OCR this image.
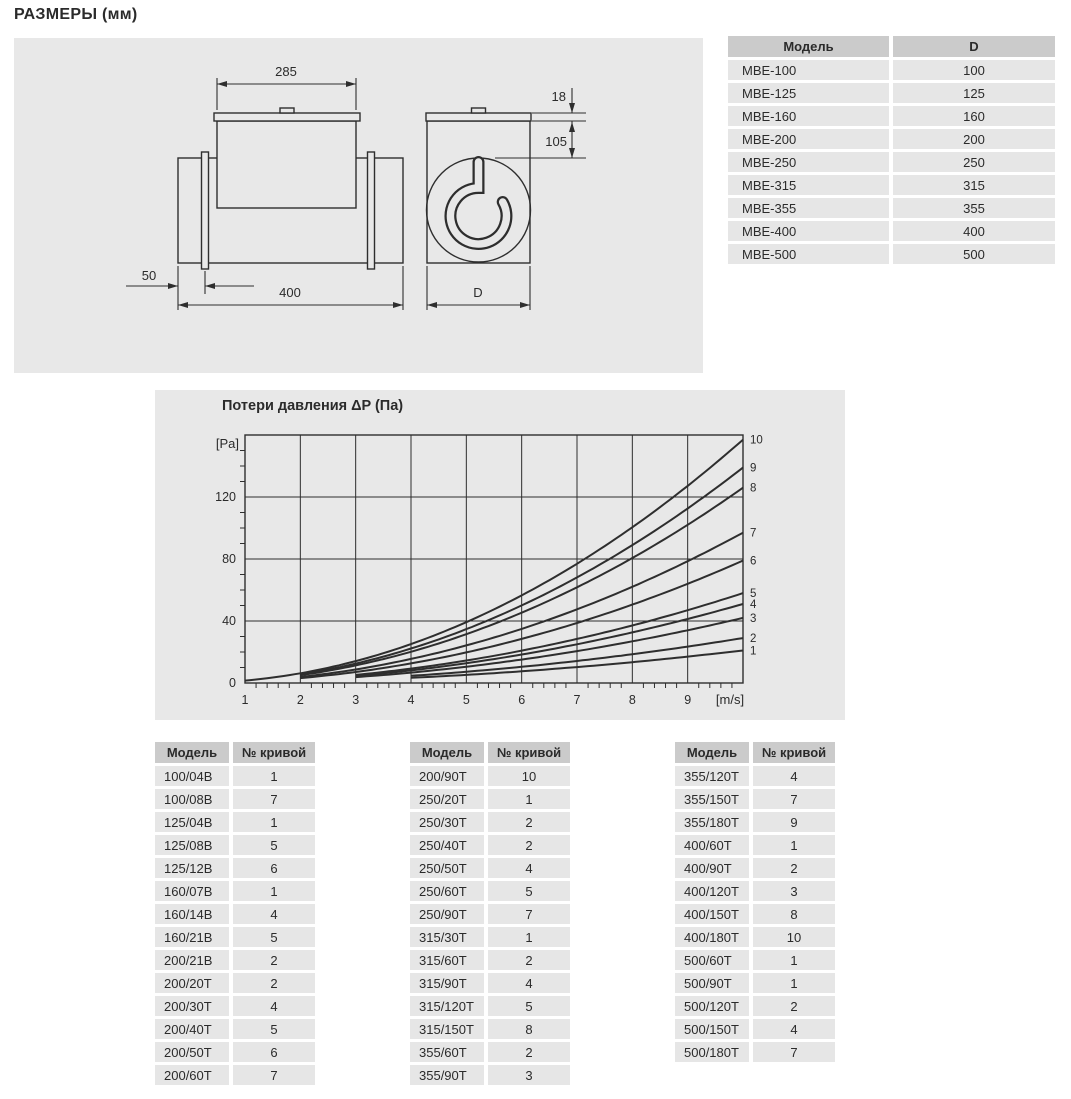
РАЗМЕРЫ (мм)
285
18
105
50
400	D
Модель	D
MBE-100	100
MBE-125	125
MBE-160	160
MBE-200	200
MBE-250	250
MBE-315	315
MBE-355	355
MBE-400	400
MBE-500	500
1	2	3	4	5	6	7	8	9
0
40
80
120
[Pa]
[m/s]
1
2
3
4
5
6
7
8
9
10
Потери давления ΔP (Па)
Модель	№ кривой
100/04B	1
100/08B	7
125/04B	1
125/08B	5
125/12B	6
160/07B	1
160/14B	4
160/21B	5
200/21B	2
200/20T	2
200/30T	4
200/40T	5
200/50T	6
200/60T	7
Модель	№ кривой
200/90T	10
250/20T	1
250/30T	2
250/40T	2
250/50T	4
250/60T	5
250/90T	7
315/30T	1
315/60T	2
315/90T	4
315/120T	5
315/150T	8
355/60T	2
355/90T	3
Модель	№ кривой
355/120T	4
355/150T	7
355/180T	9
400/60T	1
400/90T	2
400/120T	3
400/150T	8
400/180T	10
500/60T	1
500/90T	1
500/120T	2
500/150T	4
500/180T	7
